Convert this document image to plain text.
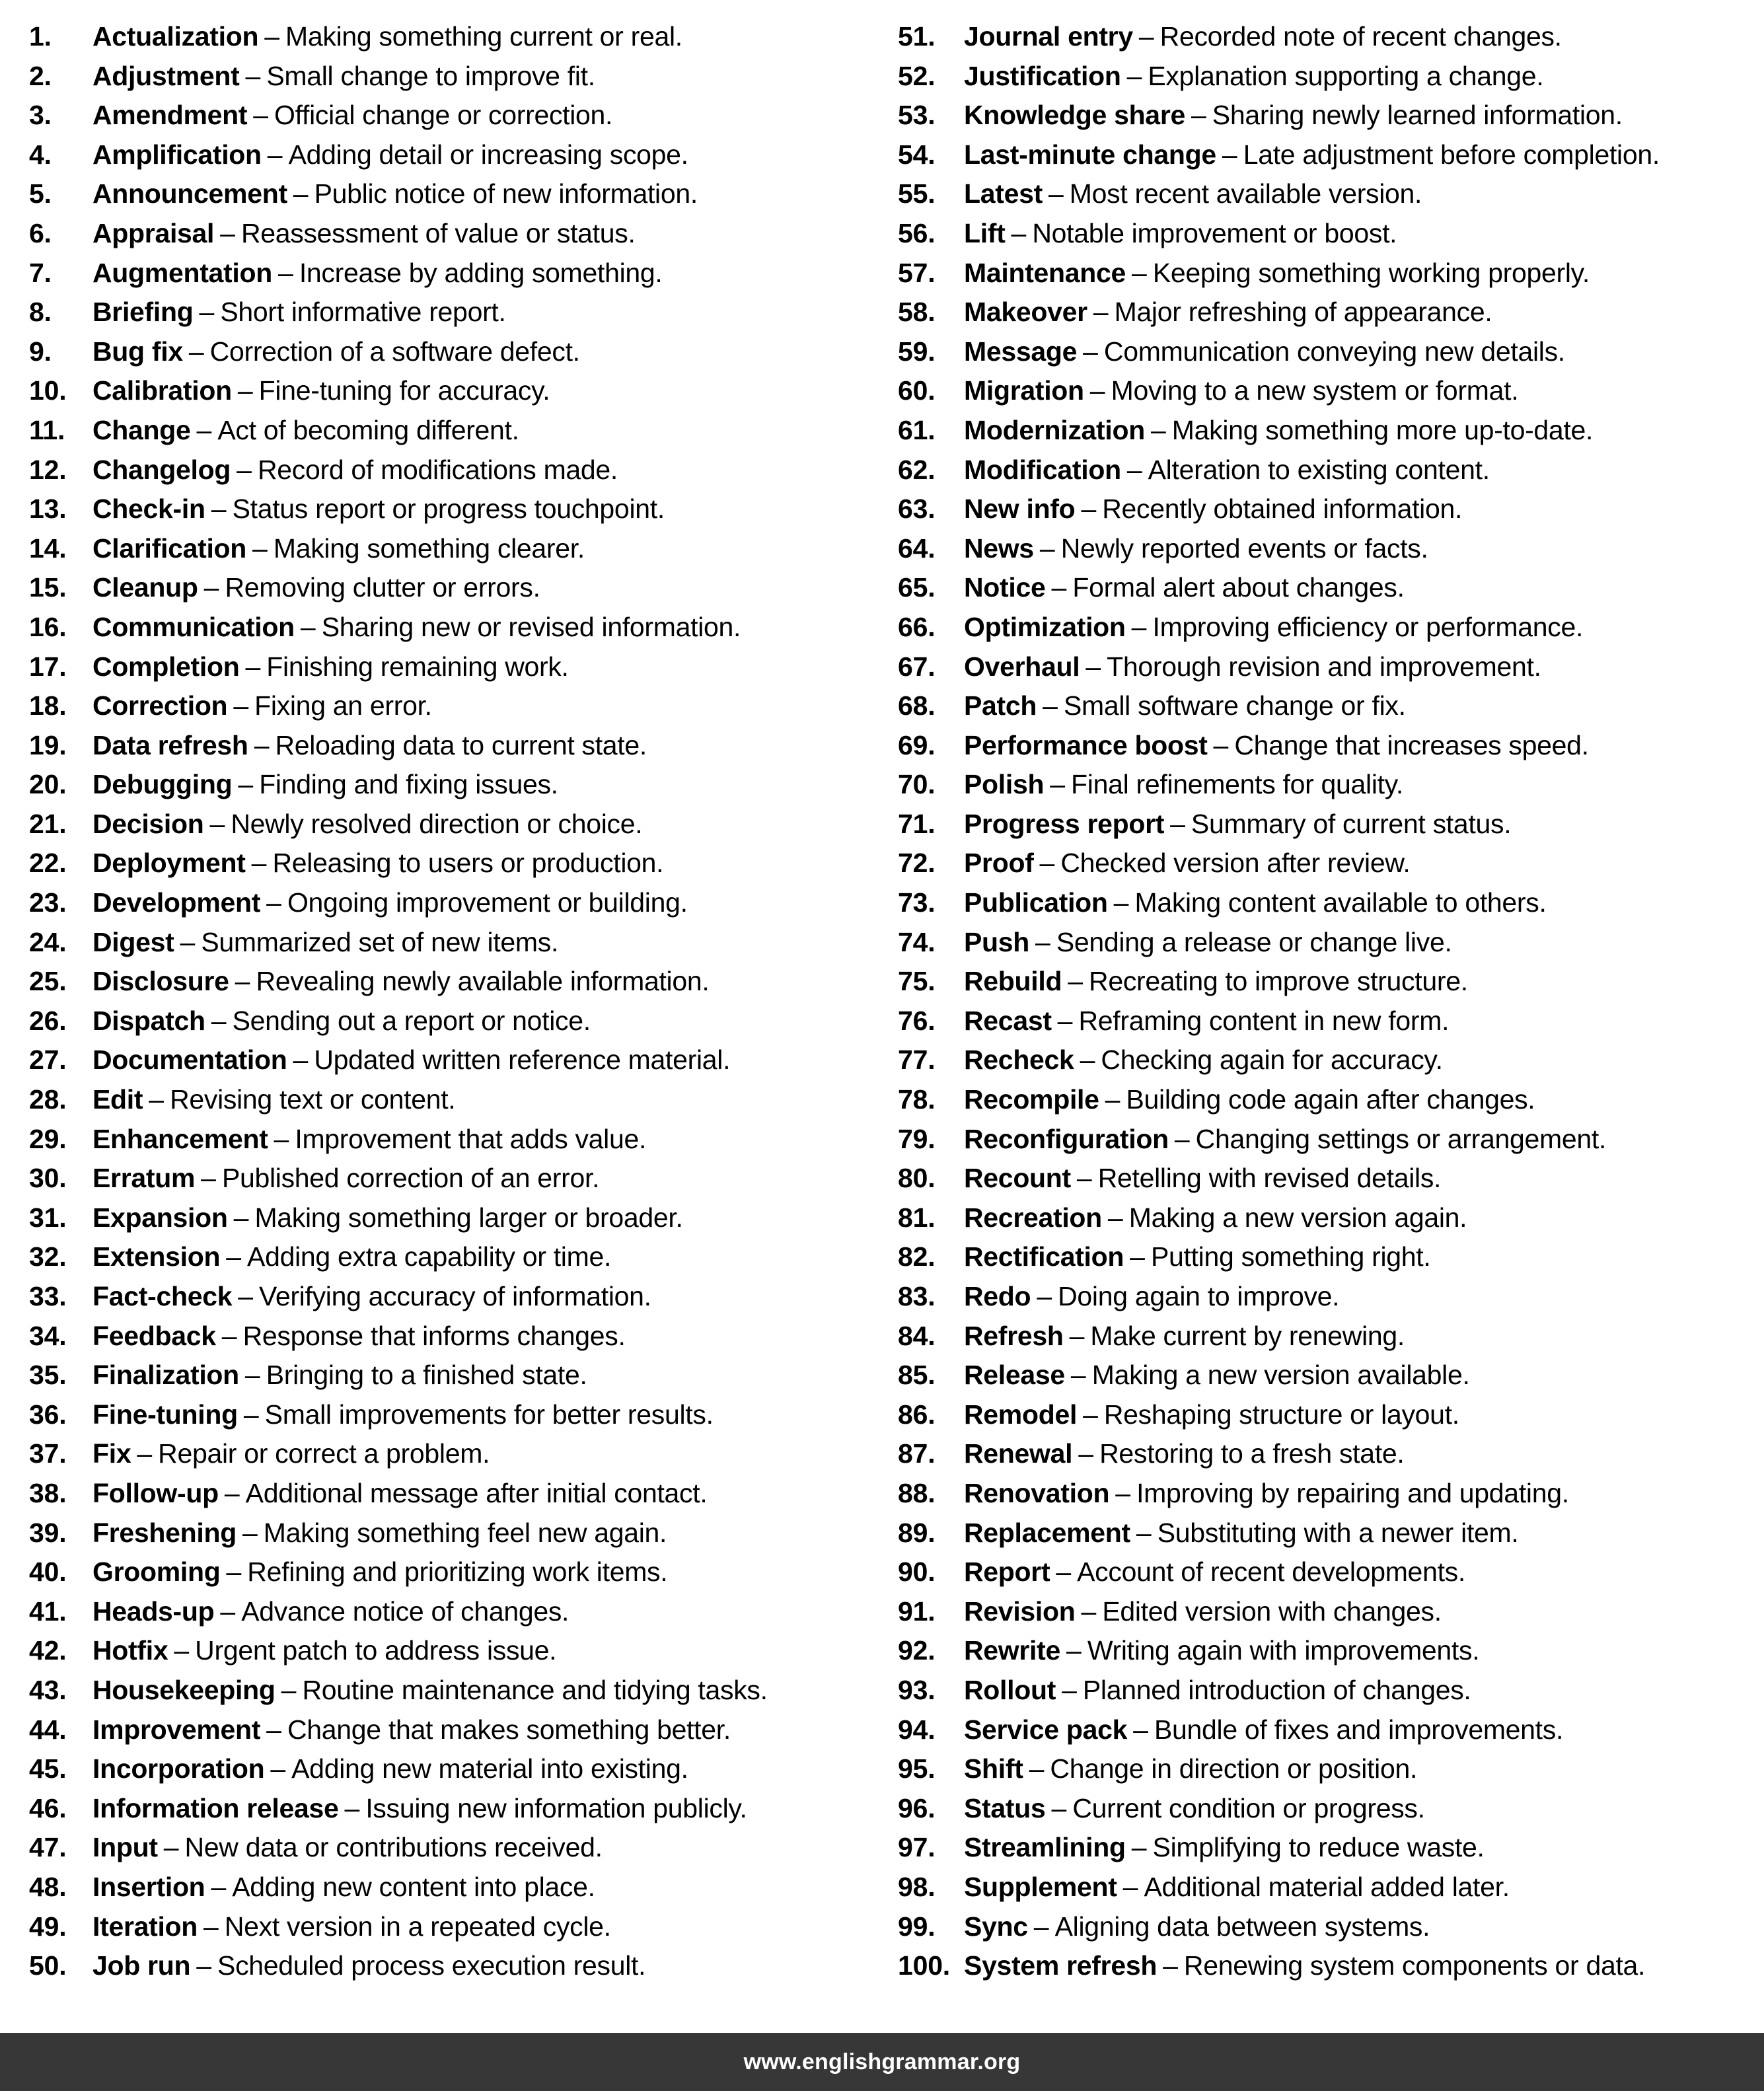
1.	Actualization – Making something current or real.
2.	Adjustment – Small change to improve fit.
3.	Amendment – Official change or correction.
4.	Amplification – Adding detail or increasing scope.
5.	Announcement – Public notice of new information.
6.	Appraisal – Reassessment of value or status.
7.	Augmentation – Increase by adding something.
8.	Briefing – Short informative report.
9.	Bug fix – Correction of a software defect.
10. Calibration – Fine-tuning for accuracy.
11.	Change – Act of becoming different.
12. Changelog – Record of modifications made.
13. Check-in – Status report or progress touchpoint.
14. Clarification – Making something clearer.
15. Cleanup – Removing clutter or errors.
16. Communication – Sharing new or revised information.
17. Completion – Finishing remaining work.
18. Correction – Fixing an error.
19. Data refresh – Reloading data to current state.
20. Debugging – Finding and fixing issues.
21. Decision – Newly resolved direction or choice.
22. Deployment – Releasing to users or production.
23. Development – Ongoing improvement or building.
24. Digest – Summarized set of new items.
25. Disclosure – Revealing newly available information.
26. Dispatch – Sending out a report or notice.
27. Documentation – Updated written reference material.
28. Edit – Revising text or content.
29. Enhancement – Improvement that adds value.
30. Erratum – Published correction of an error.
31. Expansion – Making something larger or broader.
32. Extension – Adding extra capability or time.
33. Fact-check – Verifying accuracy of information.
34. Feedback – Response that informs changes.
35. Finalization – Bringing to a finished state.
36. Fine-tuning – Small improvements for better results.
37. Fix – Repair or correct a problem.
38. Follow-up – Additional message after initial contact.
39. Freshening – Making something feel new again.
40. Grooming – Refining and prioritizing work items.
41. Heads-up – Advance notice of changes.
42. Hotfix – Urgent patch to address issue.
43. Housekeeping – Routine maintenance and tidying tasks.
44. Improvement – Change that makes something better.
45. Incorporation – Adding new material into existing.
46. Information release – Issuing new information publicly.
47. Input – New data or contributions received.
48. Insertion – Adding new content into place.
49. Iteration – Next version in a repeated cycle.
50. Job run – Scheduled process execution result.
51.	Journal entry – Recorded note of recent changes.
52.	Justification – Explanation supporting a change.
53.	Knowledge share – Sharing newly learned information.
54.	Last-minute change – Late adjustment before completion.
55.	Latest – Most recent available version.
56.	Lift – Notable improvement or boost.
57.	Maintenance – Keeping something working properly.
58.	Makeover – Major refreshing of appearance.
59.	Message – Communication conveying new details.
60.	Migration – Moving to a new system or format.
61.	Modernization – Making something more up-to-date.
62.	Modification – Alteration to existing content.
63.	New info – Recently obtained information.
64.	News – Newly reported events or facts.
65.	Notice – Formal alert about changes.
66.	Optimization – Improving efficiency or performance.
67.	Overhaul – Thorough revision and improvement.
68.	Patch – Small software change or fix.
69.	Performance boost – Change that increases speed.
70.	Polish – Final refinements for quality.
71.	Progress report – Summary of current status.
72.	Proof – Checked version after review.
73.	Publication – Making content available to others.
74.	Push – Sending a release or change live.
75.	Rebuild – Recreating to improve structure.
76.	Recast – Reframing content in new form.
77.	Recheck – Checking again for accuracy.
78.	Recompile – Building code again after changes.
79.	Reconfiguration – Changing settings or arrangement.
80.	Recount – Retelling with revised details.
81.	Recreation – Making a new version again.
82.	Rectification – Putting something right.
83.	Redo – Doing again to improve.
84.	Refresh – Make current by renewing.
85.	Release – Making a new version available.
86.	Remodel – Reshaping structure or layout.
87.	Renewal – Restoring to a fresh state.
88.	Renovation – Improving by repairing and updating.
89.	Replacement – Substituting with a newer item.
90.	Report – Account of recent developments.
91.	Revision – Edited version with changes.
92.	Rewrite – Writing again with improvements.
93.	Rollout – Planned introduction of changes.
94.	Service pack – Bundle of fixes and improvements.
95.	Shift – Change in direction or position.
96.	Status – Current condition or progress.
97.	Streamlining – Simplifying to reduce waste.
98.	Supplement – Additional material added later.
99.	Sync – Aligning data between systems.
100. System refresh – Renewing system components or data.
www.englishgrammar.org
